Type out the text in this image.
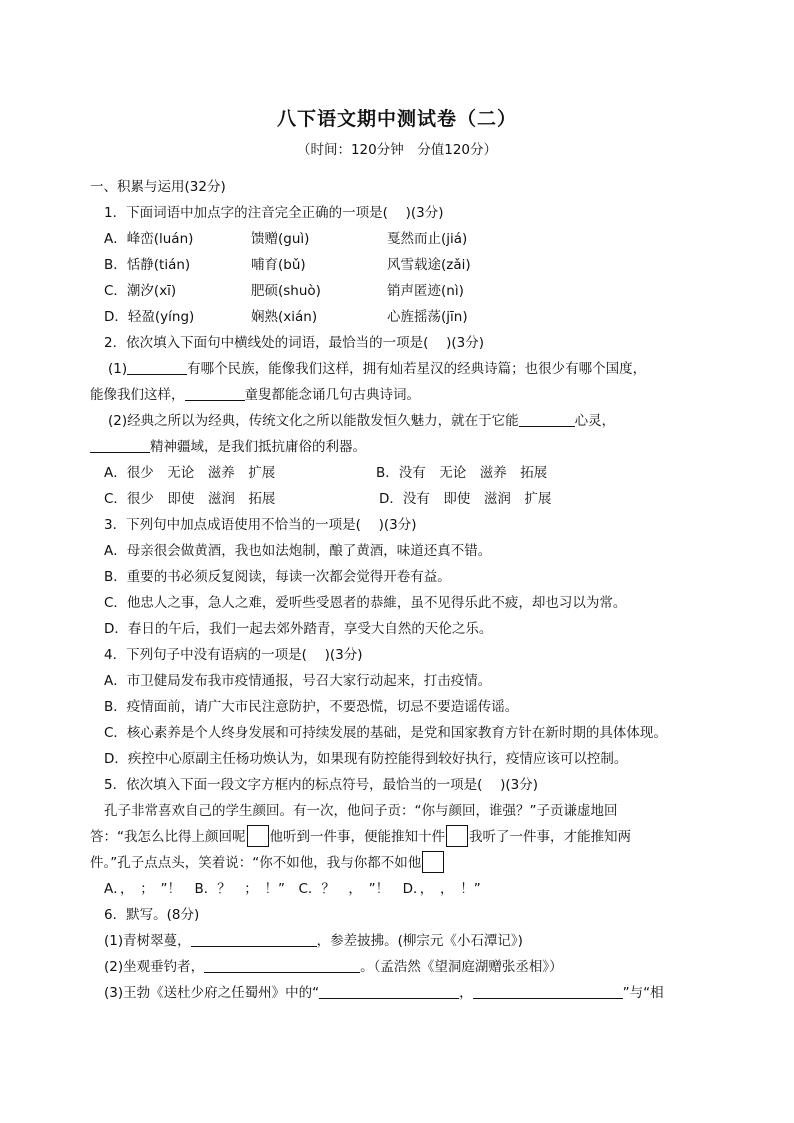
八下语文期中测试卷（二）
（时间：120分钟　分值120分）
一、积累与运用(32分)
1．下面词语中加点字的注音完全正确的一项是(　 )(3分)
A．峰峦(luán)	馈赠(guì)	戛然而止(jiá)
B．恬静(tián)	哺育(bǔ)	风雪载途(zǎi)
C．潮汐(xī)	肥硕(shuò)	销声匿迹(nì)
D．轻盈(yíng)	娴熟(xián)	心旌摇荡(jīn)
2．依次填入下面句中横线处的词语，最恰当的一项是(　 )(3分)
(1)	有哪个民族，能像我们这样，拥有灿若星汉的经典诗篇；也很少有哪个国度，
能像我们这样，	童叟都能念诵几句古典诗词。
(2)经典之所以为经典，传统文化之所以能散发恒久魅力，就在于它能	心灵，
精神疆域，是我们抵抗庸俗的利器。
A．很少　无论　滋养　扩展	B．没有　无论　滋养　拓展
C．很少　即使　滋润　拓展	D．没有　即使　滋润　扩展
3．下列句中加点成语使用不恰当的一项是(　 )(3分)
A．母亲很会做黄酒，我也如法炮制，酿了黄酒，味道还真不错。
B．重要的书必须反复阅读，每读一次都会觉得开卷有益。
C．他忠人之事，急人之难，爱听些受恩者的恭維，虽不见得乐此不疲，却也习以为常。
D．春日的午后，我们一起去郊外踏青，享受大自然的天伦之乐。
4．下列句子中没有语病的一项是(　 )(3分)
A．市卫健局发布我市疫情通报，号召大家行动起来，打击疫情。
B．疫情面前，请广大市民注意防护，不要恐慌，切忌不要造谣传谣。
C．核心素养是个人终身发展和可持续发展的基础，是党和国家教育方针在新时期的具体体现。
D．疾控中心原副主任杨功焕认为，如果现有防控能得到较好执行，疫情应该可以控制。
5．依次填入下面一段文字方框内的标点符号，最恰当的一项是(　 )(3分)
孔子非常喜欢自己的学生颜回。有一次，他问子贡：“你与颜回，谁强？”子贡谦虚地回
答：“我怎么比得上颜回呢 他听到一件事，便能推知十件 我听了一件事，才能推知两
件。”孔子点点头，笑着说：“你不如他，我与你都不如他
A．，　；　”！　B．？　；　！”　C．？　，　”！　D．，　，　！”
6．默写。(8分)
(1)青树翠蔓，	，参差披拂。(柳宗元《小石潭记》)
(2)坐观垂钓者，	。（孟浩然《望洞庭湖赠张丞相》）
(3)王勃《送杜少府之任蜀州》中的“	，	”与“相
